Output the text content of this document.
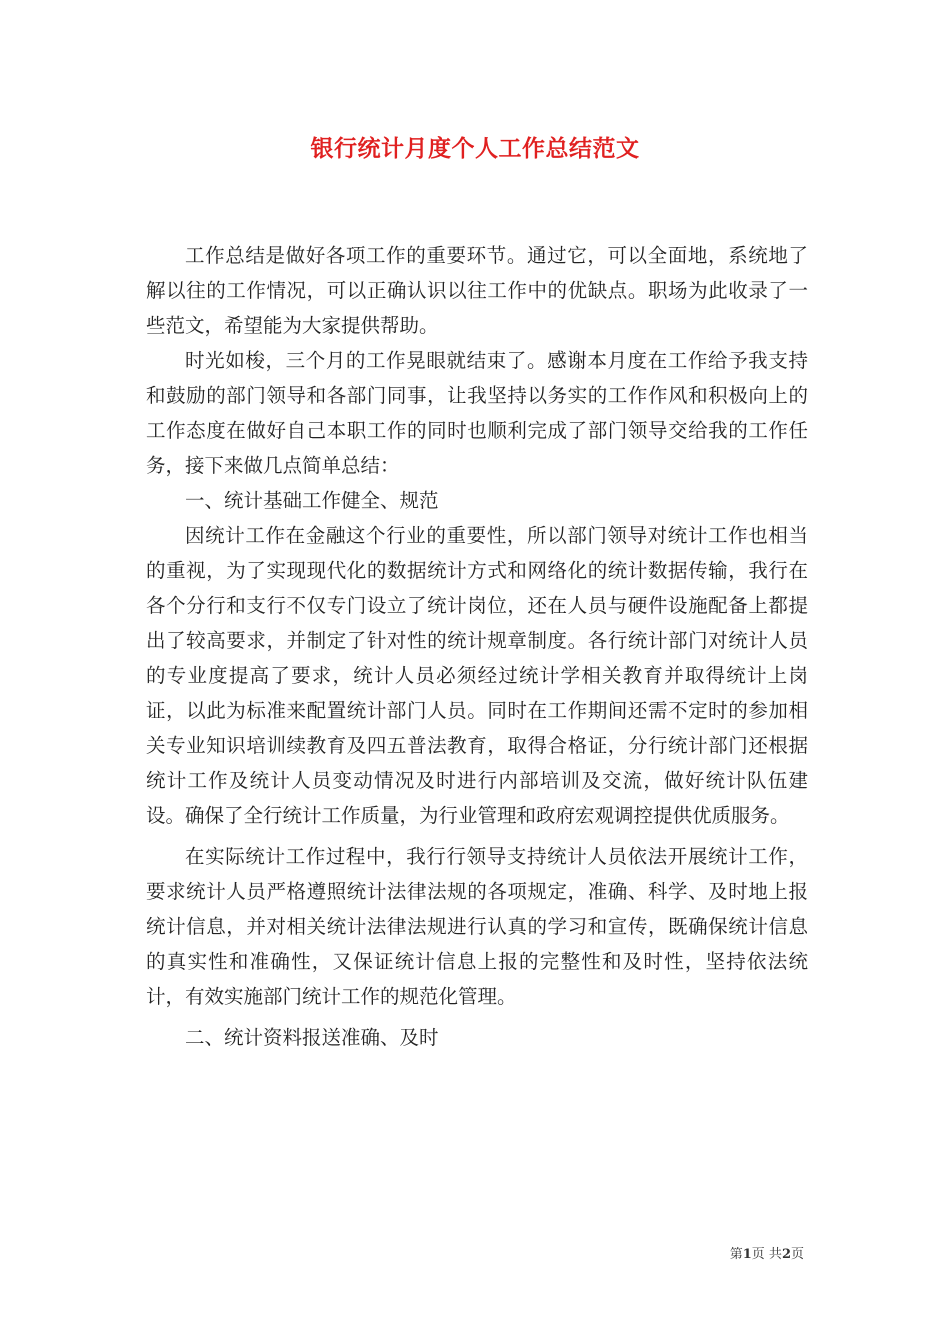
银行统计月度个人工作总结范文

工作总结是做好各项工作的重要环节。通过它，可以全面地，系统地了解以往的工作情况，可以正确认识以往工作中的优缺点。职场为此收录了一些范文，希望能为大家提供帮助。

时光如梭，三个月的工作晃眼就结束了。感谢本月度在工作给予我支持和鼓励的部门领导和各部门同事，让我坚持以务实的工作作风和积极向上的工作态度在做好自己本职工作的同时也顺利完成了部门领导交给我的工作任务，接下来做几点简单总结：

一、统计基础工作健全、规范

因统计工作在金融这个行业的重要性，所以部门领导对统计工作也相当的重视，为了实现现代化的数据统计方式和网络化的统计数据传输，我行在各个分行和支行不仅专门设立了统计岗位，还在人员与硬件设施配备上都提出了较高要求，并制定了针对性的统计规章制度。各行统计部门对统计人员的专业度提高了要求，统计人员必须经过统计学相关教育并取得统计上岗证，以此为标准来配置统计部门人员。同时在工作期间还需不定时的参加相关专业知识培训续教育及四五普法教育，取得合格证，分行统计部门还根据统计工作及统计人员变动情况及时进行内部培训及交流，做好统计队伍建设。确保了全行统计工作质量，为行业管理和政府宏观调控提供优质服务。

在实际统计工作过程中，我行行领导支持统计人员依法开展统计工作，要求统计人员严格遵照统计法律法规的各项规定，准确、科学、及时地上报统计信息，并对相关统计法律法规进行认真的学习和宣传，既确保统计信息的真实性和准确性，又保证统计信息上报的完整性和及时性，坚持依法统计，有效实施部门统计工作的规范化管理。

二、统计资料报送准确、及时

第1页 共2页
